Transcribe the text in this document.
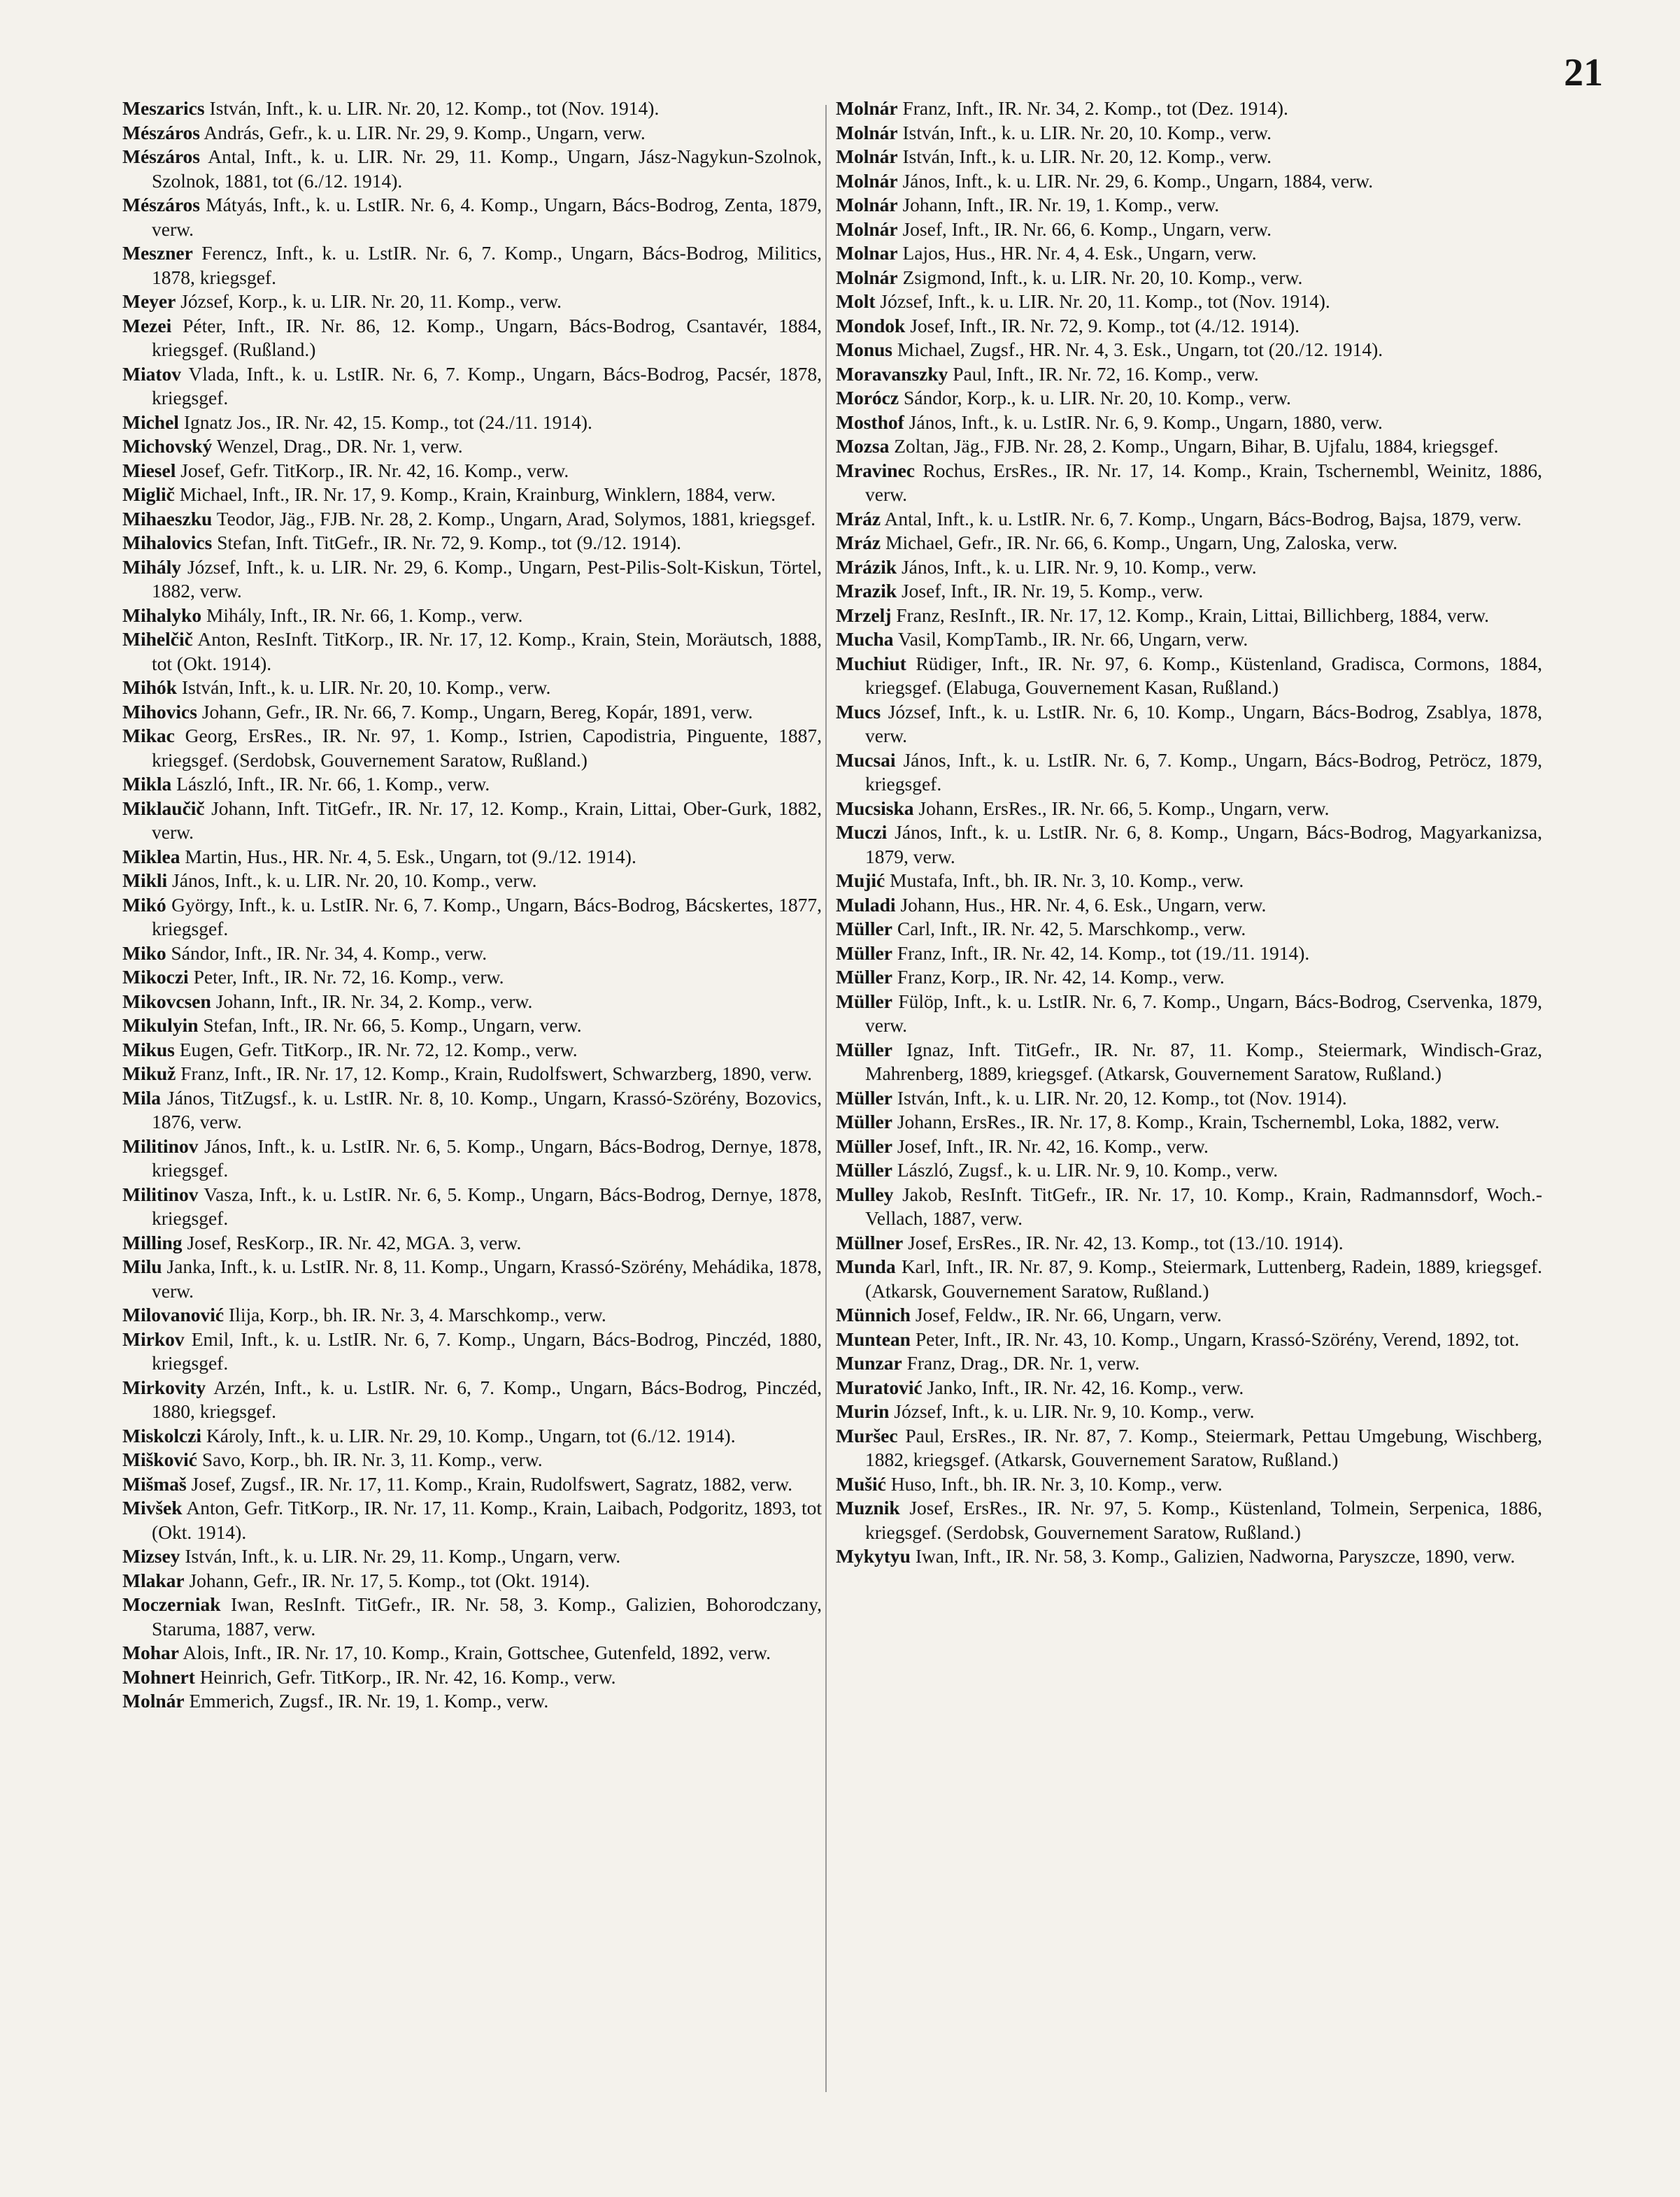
21

Meszarics István, Inft., k. u. LIR. Nr. 20, 12. Komp., tot (Nov. 1914).

Mészáros András, Gefr., k. u. LIR. Nr. 29, 9. Komp., Ungarn, verw.

Mészáros Antal, Inft., k. u. LIR. Nr. 29, 11. Komp., Ungarn, Jász-Nagykun-Szolnok, Szolnok, 1881, tot (6./12. 1914).

Mészáros Mátyás, Inft., k. u. LstIR. Nr. 6, 4. Komp., Ungarn, Bács-Bodrog, Zenta, 1879, verw.

Meszner Ferencz, Inft., k. u. LstIR. Nr. 6, 7. Komp., Ungarn, Bács-Bodrog, Militics, 1878, kriegsgef.

Meyer József, Korp., k. u. LIR. Nr. 20, 11. Komp., verw.

Mezei Péter, Inft., IR. Nr. 86, 12. Komp., Ungarn, Bács-Bodrog, Csantavér, 1884, kriegsgef. (Rußland.)

Miatov Vlada, Inft., k. u. LstIR. Nr. 6, 7. Komp., Ungarn, Bács-Bodrog, Pacsér, 1878, kriegsgef.

Michel Ignatz Jos., IR. Nr. 42, 15. Komp., tot (24./11. 1914).

Michovský Wenzel, Drag., DR. Nr. 1, verw.

Miesel Josef, Gefr. TitKorp., IR. Nr. 42, 16. Komp., verw.

Miglič Michael, Inft., IR. Nr. 17, 9. Komp., Krain, Krainburg, Winklern, 1884, verw.

Mihaeszku Teodor, Jäg., FJB. Nr. 28, 2. Komp., Ungarn, Arad, Solymos, 1881, kriegsgef.

Mihalovics Stefan, Inft. TitGefr., IR. Nr. 72, 9. Komp., tot (9./12. 1914).

Mihály József, Inft., k. u. LIR. Nr. 29, 6. Komp., Ungarn, Pest-Pilis-Solt-Kiskun, Törtel, 1882, verw.

Mihalyko Mihály, Inft., IR. Nr. 66, 1. Komp., verw.

Mihelčič Anton, ResInft. TitKorp., IR. Nr. 17, 12. Komp., Krain, Stein, Moräutsch, 1888, tot (Okt. 1914).

Mihók István, Inft., k. u. LIR. Nr. 20, 10. Komp., verw.

Mihovics Johann, Gefr., IR. Nr. 66, 7. Komp., Ungarn, Bereg, Kopár, 1891, verw.

Mikac Georg, ErsRes., IR. Nr. 97, 1. Komp., Istrien, Capodistria, Pinguente, 1887, kriegsgef. (Serdobsk, Gouvernement Saratow, Rußland.)

Mikla László, Inft., IR. Nr. 66, 1. Komp., verw.

Miklaučič Johann, Inft. TitGefr., IR. Nr. 17, 12. Komp., Krain, Littai, Ober-Gurk, 1882, verw.

Miklea Martin, Hus., HR. Nr. 4, 5. Esk., Ungarn, tot (9./12. 1914).

Mikli János, Inft., k. u. LIR. Nr. 20, 10. Komp., verw.

Mikó György, Inft., k. u. LstIR. Nr. 6, 7. Komp., Ungarn, Bács-Bodrog, Bácskertes, 1877, kriegsgef.

Miko Sándor, Inft., IR. Nr. 34, 4. Komp., verw.

Mikoczi Peter, Inft., IR. Nr. 72, 16. Komp., verw.

Mikovcsen Johann, Inft., IR. Nr. 34, 2. Komp., verw.

Mikulyin Stefan, Inft., IR. Nr. 66, 5. Komp., Ungarn, verw.

Mikus Eugen, Gefr. TitKorp., IR. Nr. 72, 12. Komp., verw.

Mikuž Franz, Inft., IR. Nr. 17, 12. Komp., Krain, Rudolfswert, Schwarzberg, 1890, verw.

Mila János, TitZugsf., k. u. LstIR. Nr. 8, 10. Komp., Ungarn, Krassó-Szörény, Bozovics, 1876, verw.

Militinov János, Inft., k. u. LstIR. Nr. 6, 5. Komp., Ungarn, Bács-Bodrog, Dernye, 1878, kriegsgef.

Militinov Vasza, Inft., k. u. LstIR. Nr. 6, 5. Komp., Ungarn, Bács-Bodrog, Dernye, 1878, kriegsgef.

Milling Josef, ResKorp., IR. Nr. 42, MGA. 3, verw.

Milu Janka, Inft., k. u. LstIR. Nr. 8, 11. Komp., Ungarn, Krassó-Szörény, Mehádika, 1878, verw.

Milovanović Ilija, Korp., bh. IR. Nr. 3, 4. Marschkomp., verw.

Mirkov Emil, Inft., k. u. LstIR. Nr. 6, 7. Komp., Ungarn, Bács-Bodrog, Pinczéd, 1880, kriegsgef.

Mirkovity Arzén, Inft., k. u. LstIR. Nr. 6, 7. Komp., Ungarn, Bács-Bodrog, Pinczéd, 1880, kriegsgef.

Miskolczi Károly, Inft., k. u. LIR. Nr. 29, 10. Komp., Ungarn, tot (6./12. 1914).

Mišković Savo, Korp., bh. IR. Nr. 3, 11. Komp., verw.

Mišmaš Josef, Zugsf., IR. Nr. 17, 11. Komp., Krain, Rudolfswert, Sagratz, 1882, verw.

Mivšek Anton, Gefr. TitKorp., IR. Nr. 17, 11. Komp., Krain, Laibach, Podgoritz, 1893, tot (Okt. 1914).

Mizsey István, Inft., k. u. LIR. Nr. 29, 11. Komp., Ungarn, verw.

Mlakar Johann, Gefr., IR. Nr. 17, 5. Komp., tot (Okt. 1914).

Moczerniak Iwan, ResInft. TitGefr., IR. Nr. 58, 3. Komp., Galizien, Bohorodczany, Staruma, 1887, verw.

Mohar Alois, Inft., IR. Nr. 17, 10. Komp., Krain, Gottschee, Gutenfeld, 1892, verw.

Mohnert Heinrich, Gefr. TitKorp., IR. Nr. 42, 16. Komp., verw.

Molnár Emmerich, Zugsf., IR. Nr. 19, 1. Komp., verw.

Molnár Franz, Inft., IR. Nr. 34, 2. Komp., tot (Dez. 1914).

Molnár István, Inft., k. u. LIR. Nr. 20, 10. Komp., verw.

Molnár István, Inft., k. u. LIR. Nr. 20, 12. Komp., verw.

Molnár János, Inft., k. u. LIR. Nr. 29, 6. Komp., Ungarn, 1884, verw.

Molnár Johann, Inft., IR. Nr. 19, 1. Komp., verw.

Molnár Josef, Inft., IR. Nr. 66, 6. Komp., Ungarn, verw.

Molnar Lajos, Hus., HR. Nr. 4, 4. Esk., Ungarn, verw.

Molnár Zsigmond, Inft., k. u. LIR. Nr. 20, 10. Komp., verw.

Molt József, Inft., k. u. LIR. Nr. 20, 11. Komp., tot (Nov. 1914).

Mondok Josef, Inft., IR. Nr. 72, 9. Komp., tot (4./12. 1914).

Monus Michael, Zugsf., HR. Nr. 4, 3. Esk., Ungarn, tot (20./12. 1914).

Moravanszky Paul, Inft., IR. Nr. 72, 16. Komp., verw.

Morócz Sándor, Korp., k. u. LIR. Nr. 20, 10. Komp., verw.

Mosthof János, Inft., k. u. LstIR. Nr. 6, 9. Komp., Ungarn, 1880, verw.

Mozsa Zoltan, Jäg., FJB. Nr. 28, 2. Komp., Ungarn, Bihar, B. Ujfalu, 1884, kriegsgef.

Mravinec Rochus, ErsRes., IR. Nr. 17, 14. Komp., Krain, Tschernembl, Weinitz, 1886, verw.

Mráz Antal, Inft., k. u. LstIR. Nr. 6, 7. Komp., Ungarn, Bács-Bodrog, Bajsa, 1879, verw.

Mráz Michael, Gefr., IR. Nr. 66, 6. Komp., Ungarn, Ung, Zaloska, verw.

Mrázik János, Inft., k. u. LIR. Nr. 9, 10. Komp., verw.

Mrazik Josef, Inft., IR. Nr. 19, 5. Komp., verw.

Mrzelj Franz, ResInft., IR. Nr. 17, 12. Komp., Krain, Littai, Billichberg, 1884, verw.

Mucha Vasil, KompTamb., IR. Nr. 66, Ungarn, verw.

Muchiut Rüdiger, Inft., IR. Nr. 97, 6. Komp., Küstenland, Gradisca, Cormons, 1884, kriegsgef. (Elabuga, Gouvernement Kasan, Rußland.)

Mucs József, Inft., k. u. LstIR. Nr. 6, 10. Komp., Ungarn, Bács-Bodrog, Zsablya, 1878, verw.

Mucsai János, Inft., k. u. LstIR. Nr. 6, 7. Komp., Ungarn, Bács-Bodrog, Petröcz, 1879, kriegsgef.

Mucsiska Johann, ErsRes., IR. Nr. 66, 5. Komp., Ungarn, verw.

Muczi János, Inft., k. u. LstIR. Nr. 6, 8. Komp., Ungarn, Bács-Bodrog, Magyarkanizsa, 1879, verw.

Mujić Mustafa, Inft., bh. IR. Nr. 3, 10. Komp., verw.

Muladi Johann, Hus., HR. Nr. 4, 6. Esk., Ungarn, verw.

Müller Carl, Inft., IR. Nr. 42, 5. Marschkomp., verw.

Müller Franz, Inft., IR. Nr. 42, 14. Komp., tot (19./11. 1914).

Müller Franz, Korp., IR. Nr. 42, 14. Komp., verw.

Müller Fülöp, Inft., k. u. LstIR. Nr. 6, 7. Komp., Ungarn, Bács-Bodrog, Cservenka, 1879, verw.

Müller Ignaz, Inft. TitGefr., IR. Nr. 87, 11. Komp., Steiermark, Windisch-Graz, Mahrenberg, 1889, kriegsgef. (Atkarsk, Gouvernement Saratow, Rußland.)

Müller István, Inft., k. u. LIR. Nr. 20, 12. Komp., tot (Nov. 1914).

Müller Johann, ErsRes., IR. Nr. 17, 8. Komp., Krain, Tschernembl, Loka, 1882, verw.

Müller Josef, Inft., IR. Nr. 42, 16. Komp., verw.

Müller László, Zugsf., k. u. LIR. Nr. 9, 10. Komp., verw.

Mulley Jakob, ResInft. TitGefr., IR. Nr. 17, 10. Komp., Krain, Radmannsdorf, Woch.-Vellach, 1887, verw.

Müllner Josef, ErsRes., IR. Nr. 42, 13. Komp., tot (13./10. 1914).

Munda Karl, Inft., IR. Nr. 87, 9. Komp., Steiermark, Luttenberg, Radein, 1889, kriegsgef. (Atkarsk, Gouvernement Saratow, Rußland.)

Münnich Josef, Feldw., IR. Nr. 66, Ungarn, verw.

Muntean Peter, Inft., IR. Nr. 43, 10. Komp., Ungarn, Krassó-Szörény, Verend, 1892, tot.

Munzar Franz, Drag., DR. Nr. 1, verw.

Muratović Janko, Inft., IR. Nr. 42, 16. Komp., verw.

Murin József, Inft., k. u. LIR. Nr. 9, 10. Komp., verw.

Muršec Paul, ErsRes., IR. Nr. 87, 7. Komp., Steiermark, Pettau Umgebung, Wischberg, 1882, kriegsgef. (Atkarsk, Gouvernement Saratow, Rußland.)

Mušić Huso, Inft., bh. IR. Nr. 3, 10. Komp., verw.

Muznik Josef, ErsRes., IR. Nr. 97, 5. Komp., Küstenland, Tolmein, Serpenica, 1886, kriegsgef. (Serdobsk, Gouvernement Saratow, Rußland.)

Mykytyu Iwan, Inft., IR. Nr. 58, 3. Komp., Galizien, Nadworna, Paryszcze, 1890, verw.
